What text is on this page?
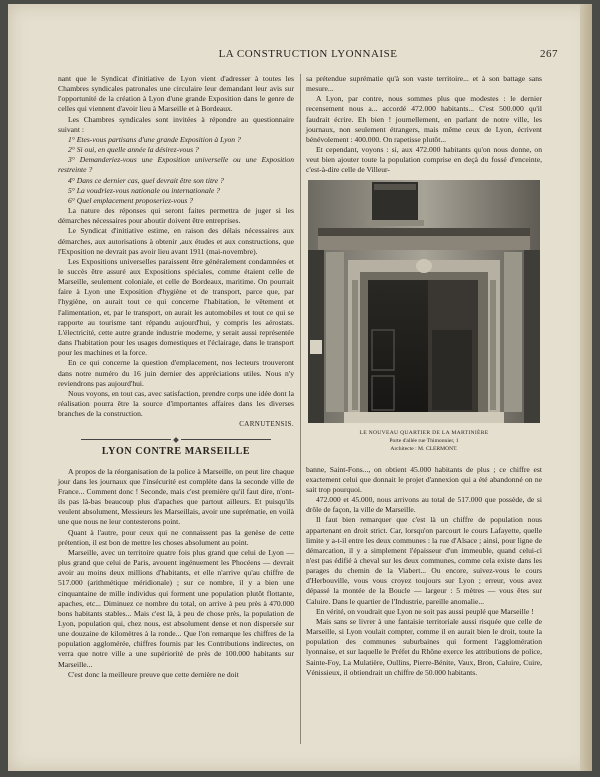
LA CONSTRUCTION LYONNAISE	267

nant que le Syndicat d'initiative de Lyon vient d'adresser à toutes les Chambres syndicales patronales une circulaire leur demandant leur avis sur l'opportunité de la création à Lyon d'une grande Exposition dans le genre de celles qui viennent d'avoir lieu à Marseille et à Bordeaux.

Les Chambres syndicales sont invitées à répondre au questionnaire suivant :

1° Etes-vous partisans d'une grande Exposition à Lyon ?

2° Si oui, en quelle année la désirez-vous ?

3° Demanderiez-vous une Exposition universelle ou une Exposition restreinte ?

4° Dans ce dernier cas, quel devrait être son titre ?

5° La voudriez-vous nationale ou internationale ?

6° Quel emplacement proposeriez-vous ?

La nature des réponses qui seront faites permettra de juger si les démarches nécessaires pour aboutir doivent être entreprises.

Le Syndicat d'initiative estime, en raison des délais nécessaires aux démarches, aux autorisations à obtenir ,aux études et aux constructions, que l'Exposition ne devrait pas avoir lieu avant 1911 (mai-novembre).

Les Expositions universelles paraissent être généralement condamnées et le succès être assuré aux Expositions spéciales, comme étaient celle de Marseille, seulement coloniale, et celle de Bordeaux, maritime. On pourrait faire à Lyon une Exposition d'hygiène et de transport, parce que, par l'hygiène, on aurait tout ce qui concerne l'habitation, le vêtement et l'alimentation, et, par le transport, on aurait les automobiles et tout ce qui se rapporte au tourisme tant répandu aujourd'hui, y compris les aérostats. L'électricité, cette autre grande industrie moderne, y serait aussi représentée dans l'habitation pour les usages domestiques et l'éclairage, dans le transport pour les machines et la force.

En ce qui concerne la question d'emplacement, nos lecteurs trouveront dans notre numéro du 16 juin dernier des appréciations utiles. Nous n'y reviendrons pas aujourd'hui.

Nous voyons, en tout cas, avec satisfaction, prendre corps une idée dont la réalisation pourra être la source d'importantes affaires dans les diverses branches de la construction.

CARNUTENSIS.

LYON CONTRE MARSEILLE

A propos de la réorganisation de la police à Marseille, on peut lire chaque jour dans les journaux que l'insécurité est complète dans la seconde ville de France... Comment donc ! Seconde, mais c'est première qu'il faut dire, n'ont-ils pas là-bas beaucoup plus d'apaches que partout ailleurs. Et puisqu'ils veulent absolument, Messieurs les Marseillais, avoir une suprématie, en voilà une que nous ne leur contesterons point.

Quant à l'autre, pour ceux qui ne connaissent pas la genèse de cette prétention, il est bon de mettre les choses absolument au point.

Marseille, avec un territoire quatre fois plus grand que celui de Lyon — plus grand que celui de Paris, avouent ingénuement les Phocéens — devrait avoir au moins deux millions d'habitants, et elle n'arrive qu'au chiffre de 517.000 (arithmétique méridionale) ; sur ce nombre, il y a bien une cinquantaine de mille individus qui forment une population plutôt flottante, apaches, etc... Diminuez ce nombre du total, on arrive à peu près à 470.000 bons habitants stables... Mais c'est là, à peu de chose près, la population de Lyon, population qui, chez nous, est absolument dense et non dispersée sur une douzaine de kilomètres à la ronde... Que l'on remarque les chiffres de la population agglomérée, chiffres fournis par les Contributions indirectes, on verra que notre ville a une supériorité de près de 100.000 habitants sur Marseille...

C'est donc la meilleure preuve que cette dernière ne doit

sa prétendue suprématie qu'à son vaste territoire... et à son battage sans mesure...

A Lyon, par contre, nous sommes plus que modestes : le dernier recensement nous a... accordé 472.000 habitants... C'est 500.000 qu'il faudrait écrire. Eh bien ! journellement, en parlant de notre ville, les journaux, non seulement étrangers, mais même ceux de Lyon, écrivent bénévolement : 400.000. On rapetisse plutôt...

Et cependant, voyons : si, aux 472.000 habitants qu'on nous donne, on veut bien ajouter toute la population comprise en deçà du fossé d'enceinte, c'est-à-dire celle de Villeur-

LE NOUVEAU QUARTIER DE LA MARTINIÈRE
Porte d'allée rue Thimonnier, 1
Architecte : M. CLERMONT.

banne, Saint-Fons..., on obtient 45.000 habitants de plus ; ce chiffre est exactement celui que donnait le projet d'annexion qui a été abandonné on ne sait trop pourquoi.

472.000 et 45.000, nous arrivons au total de 517.000 que possède, de si drôle de façon, la ville de Marseille.

Il faut bien remarquer que c'est là un chiffre de population nous appartenant en droit strict. Car, lorsqu'on parcourt le cours Lafayette, quelle limite y a-t-il entre les deux communes : la rue d'Alsace ; ainsi, pour ligne de démarcation, il y a simplement l'épaisseur d'un immeuble, quand celui-ci n'est pas édifié à cheval sur les deux communes, comme cela existe dans les parages du chemin de la Viabert... Ou encore, suivez-vous le cours d'Herbouville, vous vous croyez toujours sur Lyon ; erreur, vous avez dépassé la montée de la Boucle — largeur : 5 mètres — vous êtes sur Caluire. Dans le quartier de l'Industrie, pareille anomalie...

En vérité, on voudrait que Lyon ne soit pas aussi peuplé que Marseille !

Mais sans se livrer à une fantaisie territoriale aussi risquée que celle de Marseille, si Lyon voulait compter, comme il en aurait bien le droit, toute la population des communes suburbaines qui forment l'agglomération lyonnaise, et sur laquelle le Préfet du Rhône exerce les attributions de police, Sainte-Foy, La Mulatière, Oullins, Pierre-Bénite, Vaux, Bron, Caluire, Cuire, Vénissieux, il obtiendrait un chiffre de 50.000 habitants.
